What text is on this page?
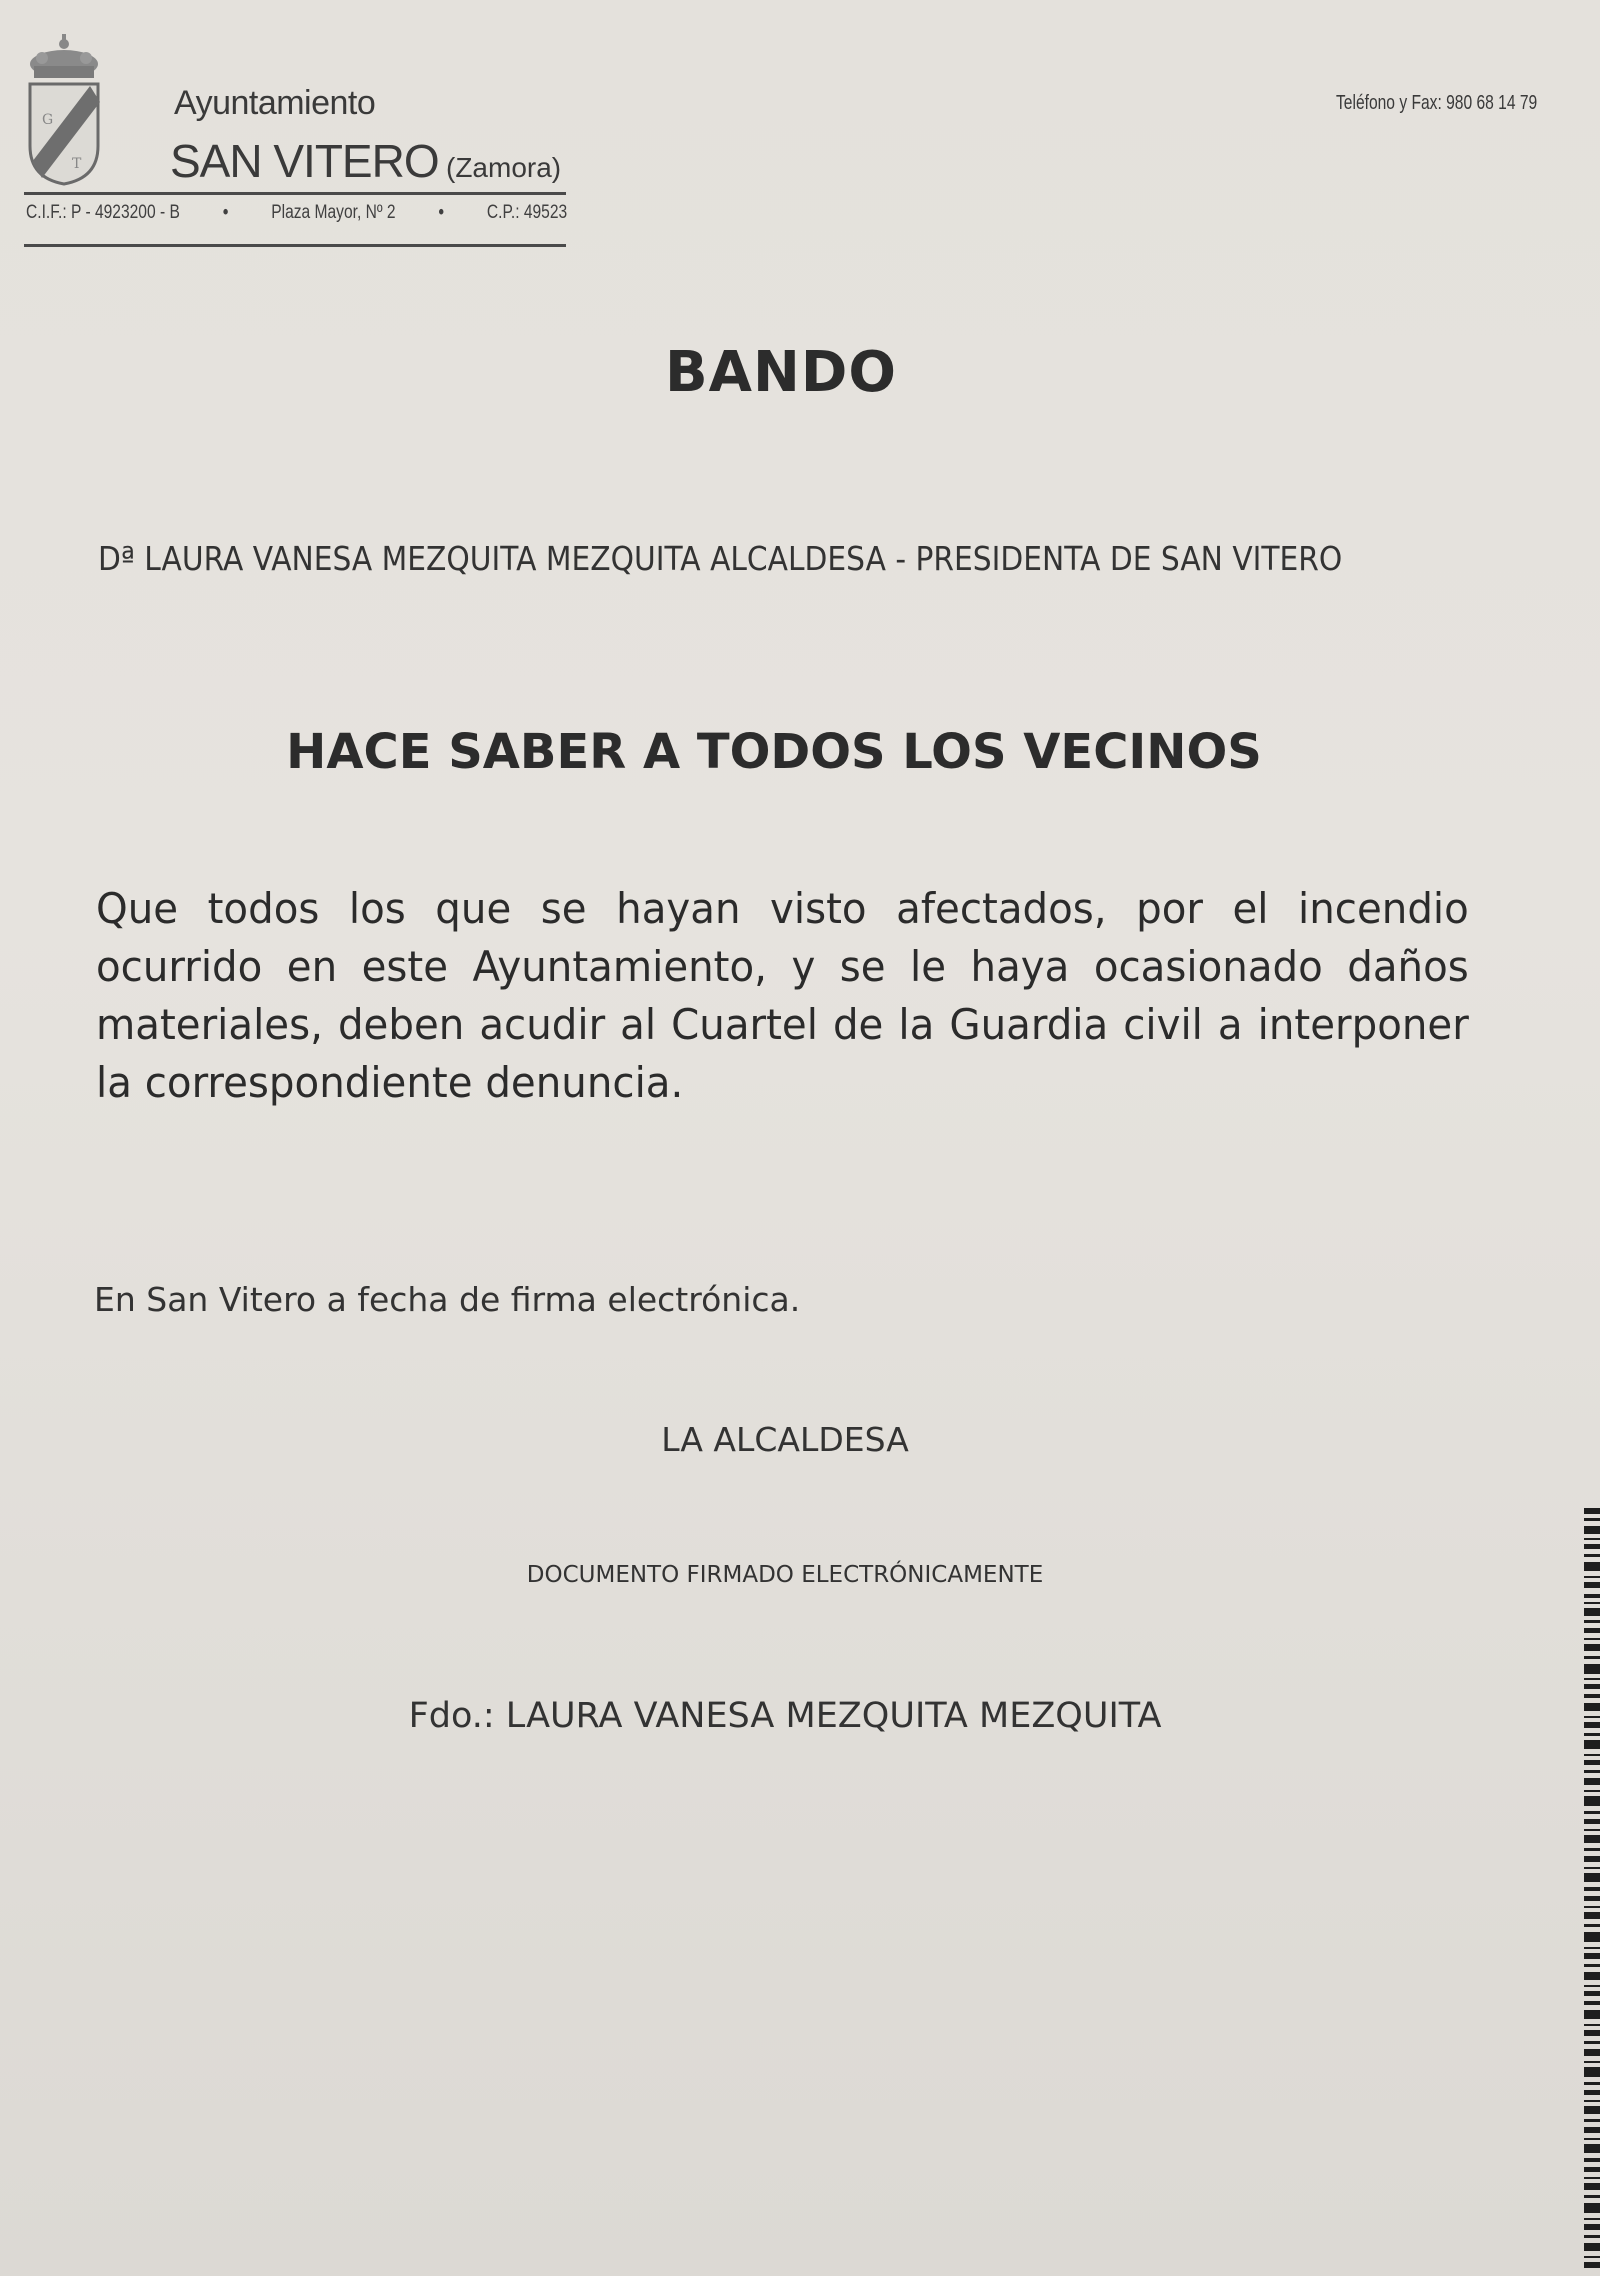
G
T
Ayuntamiento
SAN VITERO (Zamora)
C.I.F.: P - 4923200 - B • Plaza Mayor, Nº 2 • C.P.: 49523
Teléfono y Fax: 980 68 14 79
BANDO
Dª LAURA VANESA MEZQUITA MEZQUITA ALCALDESA - PRESIDENTA DE SAN VITERO
HACE SABER A TODOS LOS VECINOS
Que todos los que se hayan visto afectados, por el incendio ocurrido en este Ayuntamiento, y se le haya ocasionado daños materiales, deben acudir al Cuartel de la Guardia civil a interponer la correspondiente denuncia.
En San Vitero a fecha de firma electrónica.
LA ALCALDESA
DOCUMENTO FIRMADO ELECTRÓNICAMENTE
Fdo.: LAURA VANESA MEZQUITA MEZQUITA
